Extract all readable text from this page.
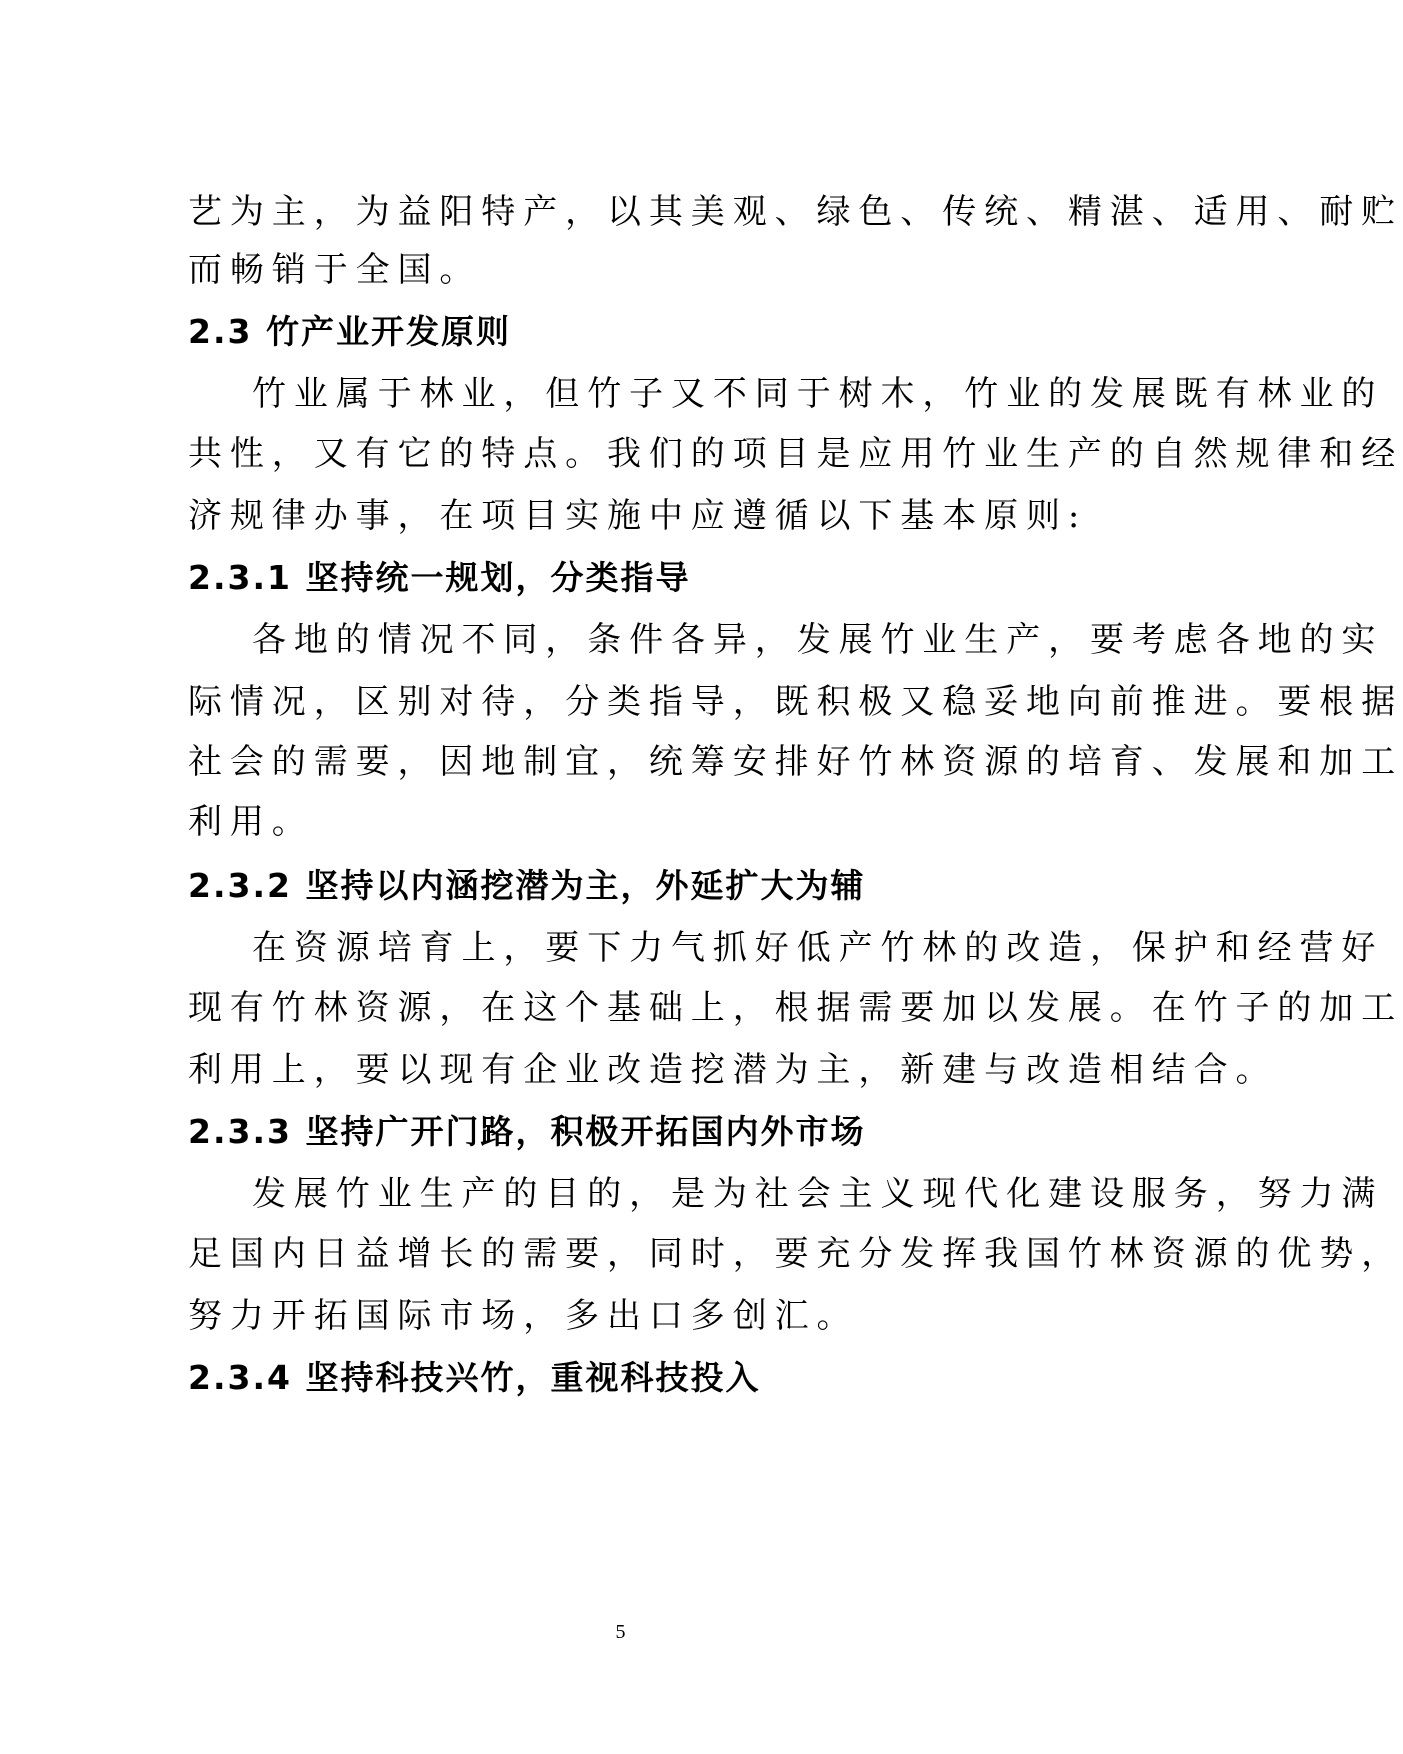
艺为主，为益阳特产，以其美观、绿色、传统、精湛、适用、耐贮
而畅销于全国。
2.3 竹产业开发原则
竹业属于林业，但竹子又不同于树木，竹业的发展既有林业的
共性，又有它的特点。我们的项目是应用竹业生产的自然规律和经
济规律办事，在项目实施中应遵循以下基本原则:
2.3.1 坚持统一规划，分类指导
各地的情况不同，条件各异，发展竹业生产，要考虑各地的实
际情况，区别对待，分类指导，既积极又稳妥地向前推进。要根据
社会的需要，因地制宜，统筹安排好竹林资源的培育、发展和加工
利用。
2.3.2 坚持以内涵挖潜为主，外延扩大为辅
在资源培育上，要下力气抓好低产竹林的改造，保护和经营好
现有竹林资源，在这个基础上，根据需要加以发展。在竹子的加工
利用上，要以现有企业改造挖潜为主，新建与改造相结合。
2.3.3 坚持广开门路，积极开拓国内外市场
发展竹业生产的目的，是为社会主义现代化建设服务，努力满
足国内日益增长的需要，同时，要充分发挥我国竹林资源的优势，
努力开拓国际市场，多出口多创汇。
2.3.4 坚持科技兴竹，重视科技投入
5
